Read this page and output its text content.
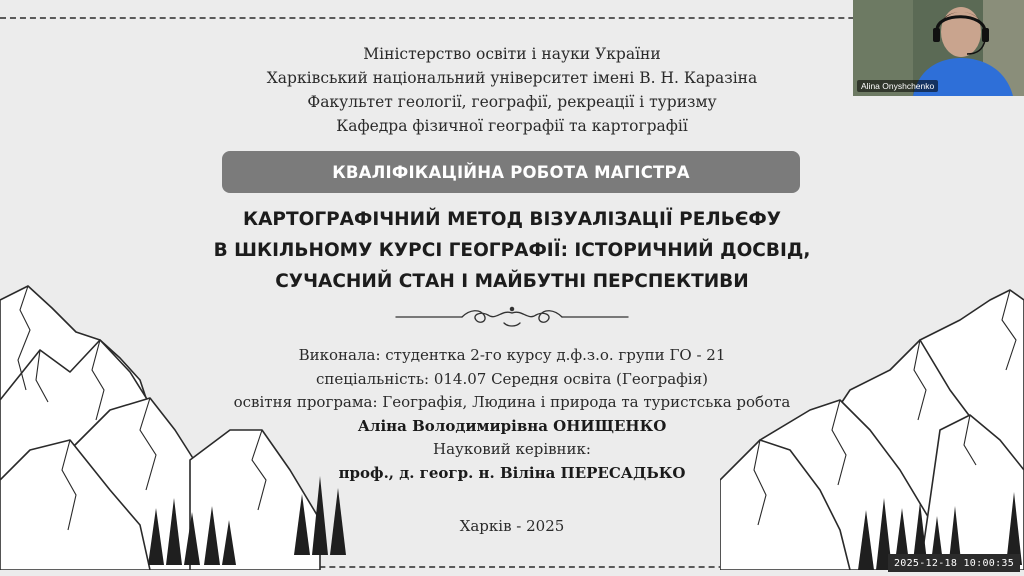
Міністерство освіти і науки України
Харківський національний університет імені В. Н. Каразіна
Факультет геології, географії, рекреації і туризму
Кафедра фізичної географії та картографії
КВАЛІФІКАЦІЙНА РОБОТА МАГІСТРА
КАРТОГРАФІЧНИЙ МЕТОД ВІЗУАЛІЗАЦІЇ РЕЛЬЄФУ
В ШКІЛЬНОМУ КУРСІ ГЕОГРАФІЇ: ІСТОРИЧНИЙ ДОСВІД,
СУЧАСНИЙ СТАН І МАЙБУТНІ ПЕРСПЕКТИВИ
Виконала: студентка 2-го курсу д.ф.з.о. групи ГО - 21
спеціальність: 014.07 Середня освіта (Географія)
освітня програма: Географія, Людина і природа та туристська робота
Аліна Володимирівна ОНИЩЕНКО
Науковий керівник:
проф., д. геогр. н. Віліна ПЕРЕСАДЬКО
Харків - 2025
Alina Onyshchenko
2025-12-18 10:00:35
